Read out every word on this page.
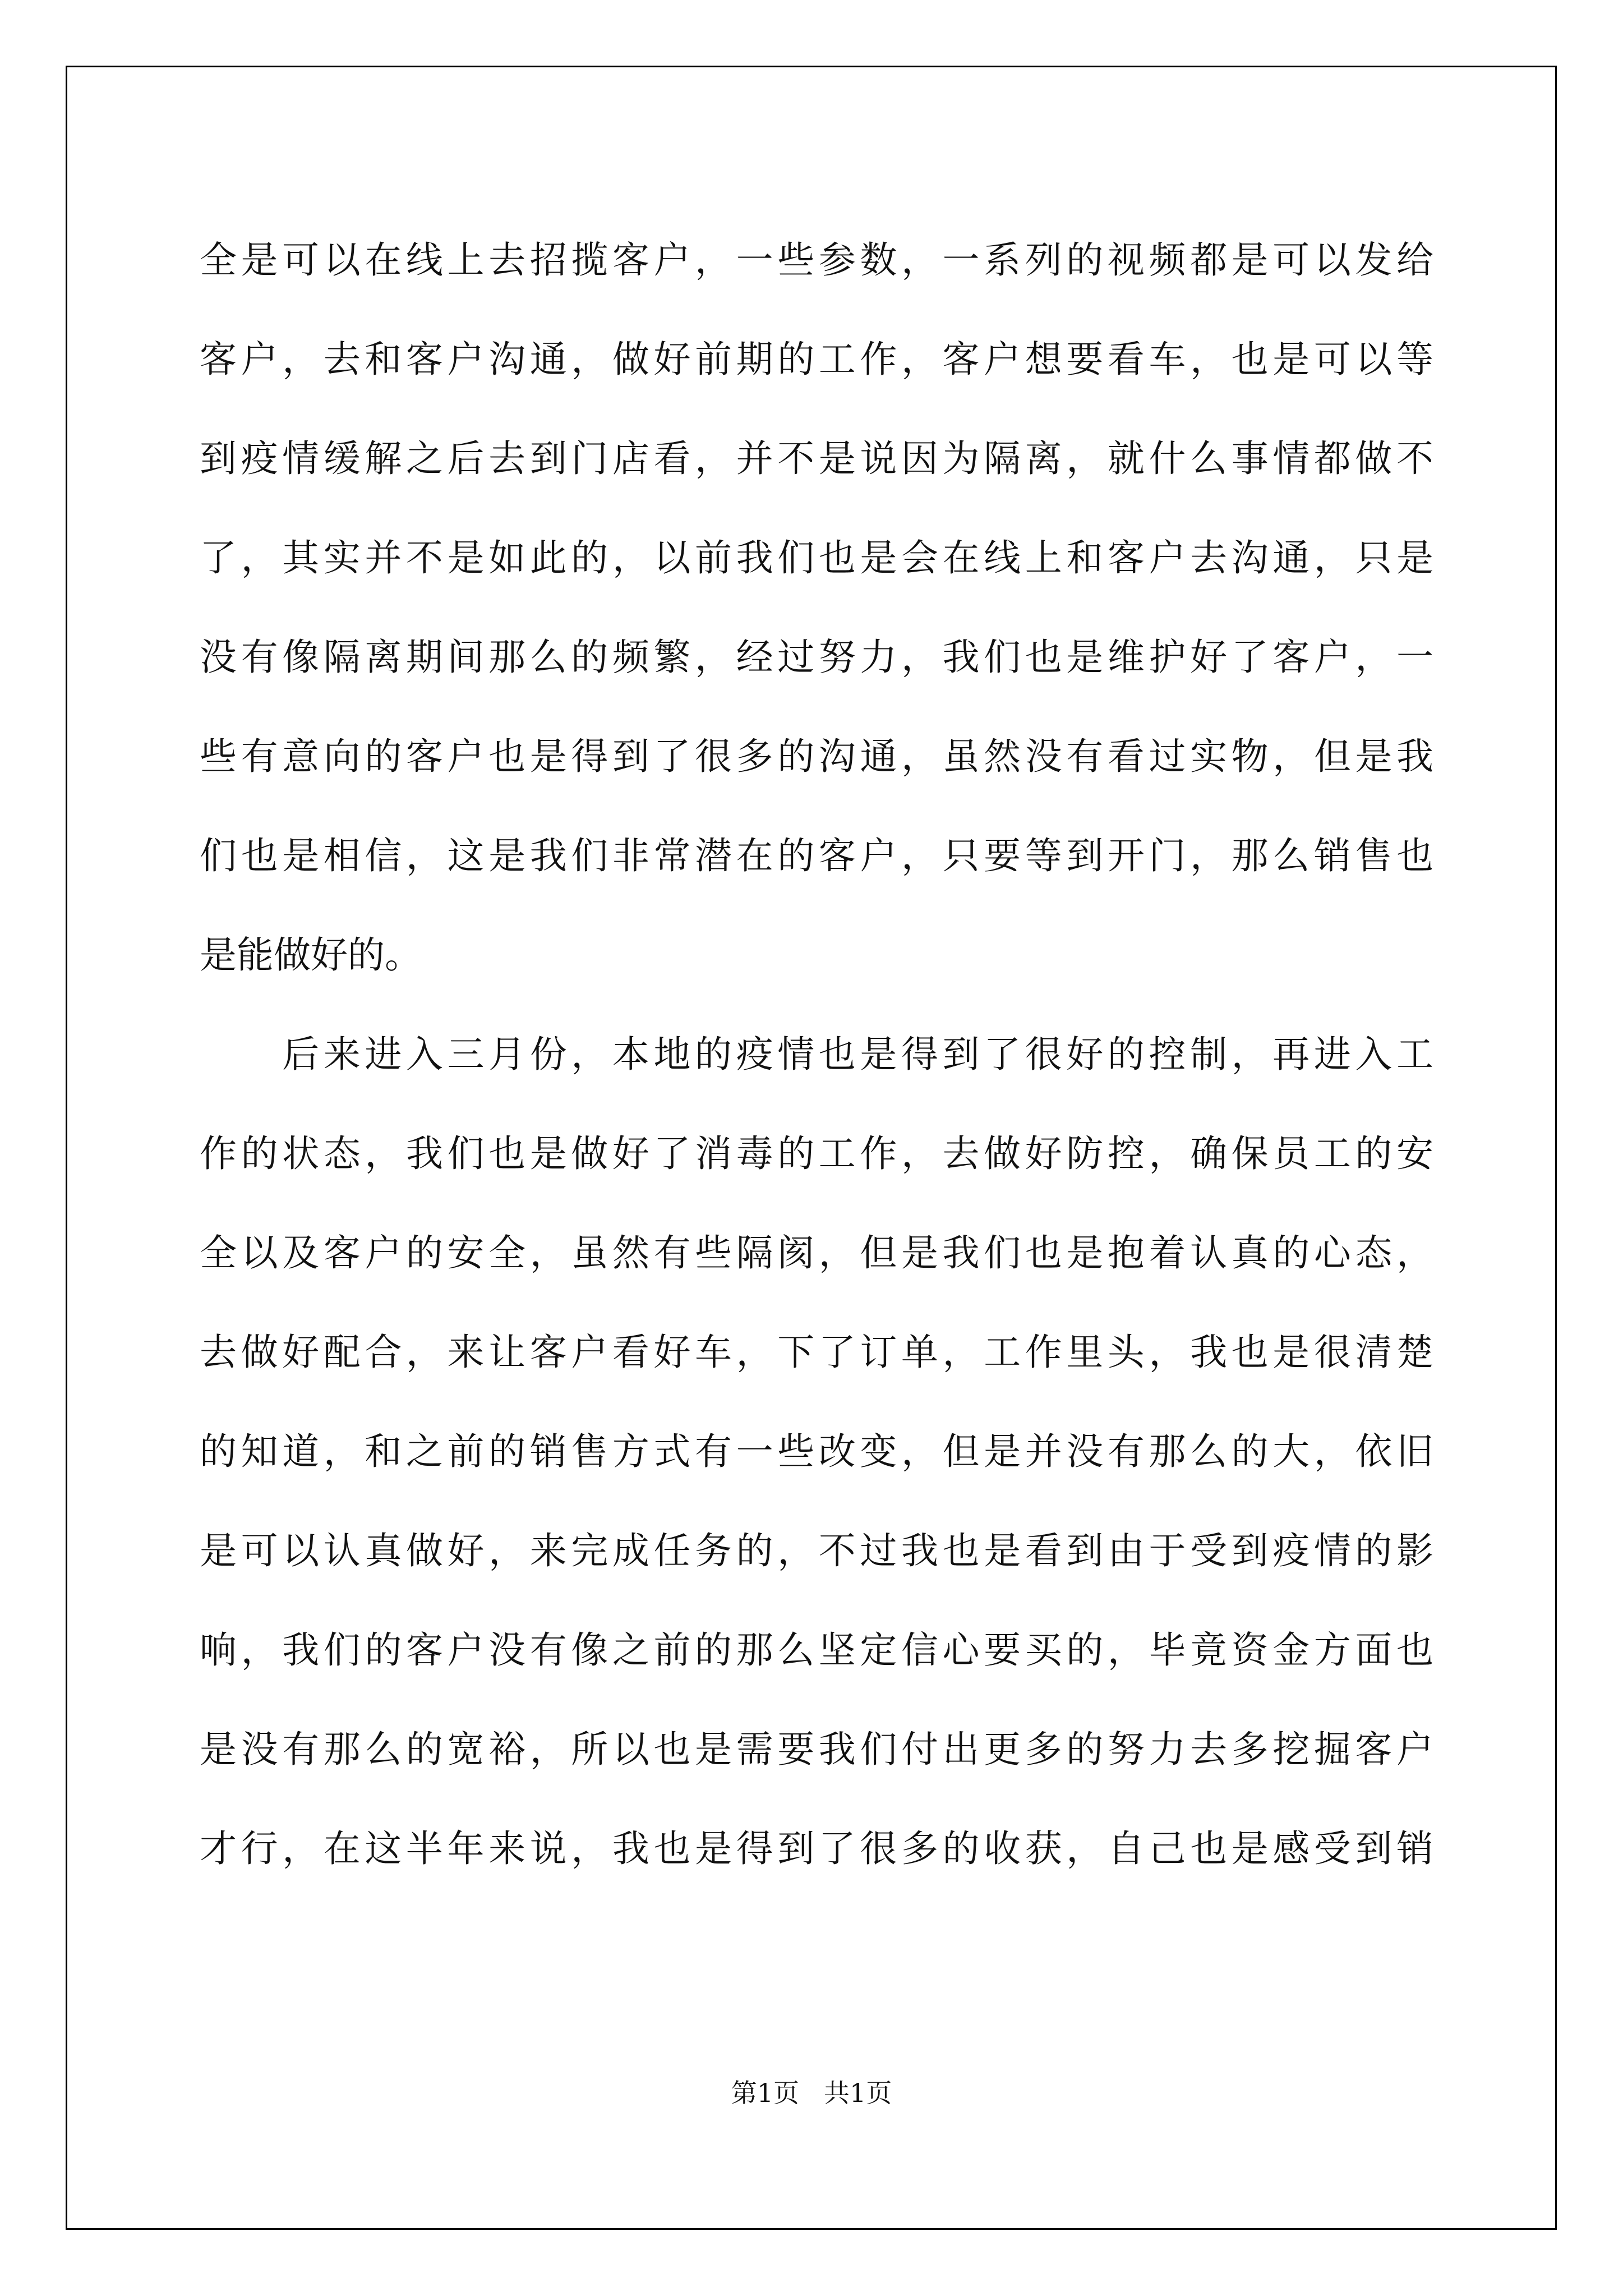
全是可以在线上去招揽客户，一些参数，一系列的视频都是可以发给
客户，去和客户沟通，做好前期的工作，客户想要看车，也是可以等
到疫情缓解之后去到门店看，并不是说因为隔离，就什么事情都做不
了，其实并不是如此的，以前我们也是会在线上和客户去沟通，只是
没有像隔离期间那么的频繁，经过努力，我们也是维护好了客户，一
些有意向的客户也是得到了很多的沟通，虽然没有看过实物，但是我
们也是相信，这是我们非常潜在的客户，只要等到开门，那么销售也
是能做好的。
　　后来进入三月份，本地的疫情也是得到了很好的控制，再进入工
作的状态，我们也是做好了消毒的工作，去做好防控，确保员工的安
全以及客户的安全，虽然有些隔阂，但是我们也是抱着认真的心态，
去做好配合，来让客户看好车，下了订单，工作里头，我也是很清楚
的知道，和之前的销售方式有一些改变，但是并没有那么的大，依旧
是可以认真做好，来完成任务的，不过我也是看到由于受到疫情的影
响，我们的客户没有像之前的那么坚定信心要买的，毕竟资金方面也
是没有那么的宽裕，所以也是需要我们付出更多的努力去多挖掘客户
才行，在这半年来说，我也是得到了很多的收获，自己也是感受到销
第1页 共1页
